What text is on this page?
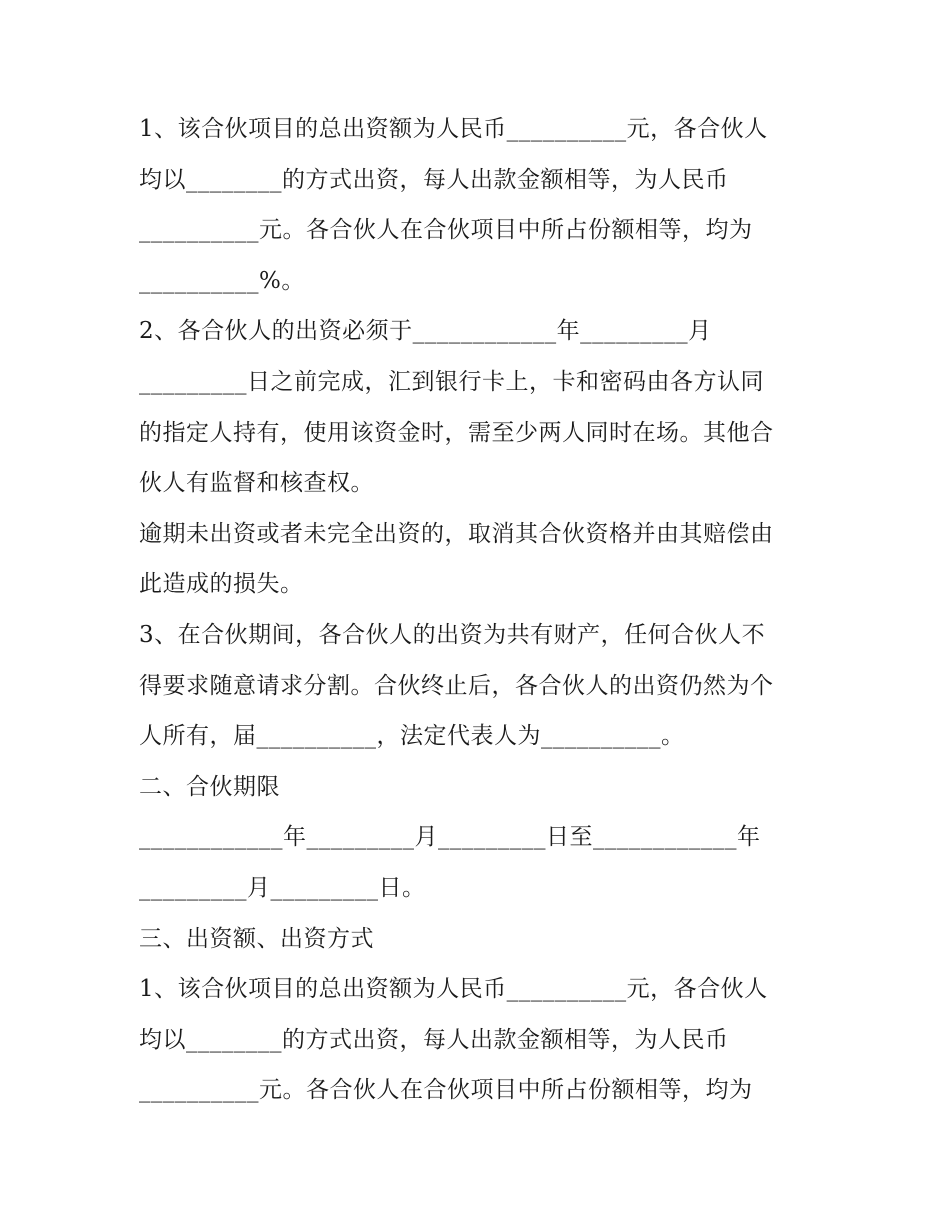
1、该合伙项目的总出资额为人民币__________元，各合伙人
均以________的方式出资，每人出款金额相等，为人民币
__________元。各合伙人在合伙项目中所占份额相等，均为
__________%。
2、各合伙人的出资必须于____________年_________月
_________日之前完成，汇到银行卡上，卡和密码由各方认同
的指定人持有，使用该资金时，需至少两人同时在场。其他合
伙人有监督和核查权。
逾期未出资或者未完全出资的，取消其合伙资格并由其赔偿由
此造成的损失。
3、在合伙期间，各合伙人的出资为共有财产，任何合伙人不
得要求随意请求分割。合伙终止后，各合伙人的出资仍然为个
人所有，届__________，法定代表人为__________。
二、合伙期限
____________年_________月_________日至____________年
_________月_________日。
三、出资额、出资方式
1、该合伙项目的总出资额为人民币__________元，各合伙人
均以________的方式出资，每人出款金额相等，为人民币
__________元。各合伙人在合伙项目中所占份额相等，均为
